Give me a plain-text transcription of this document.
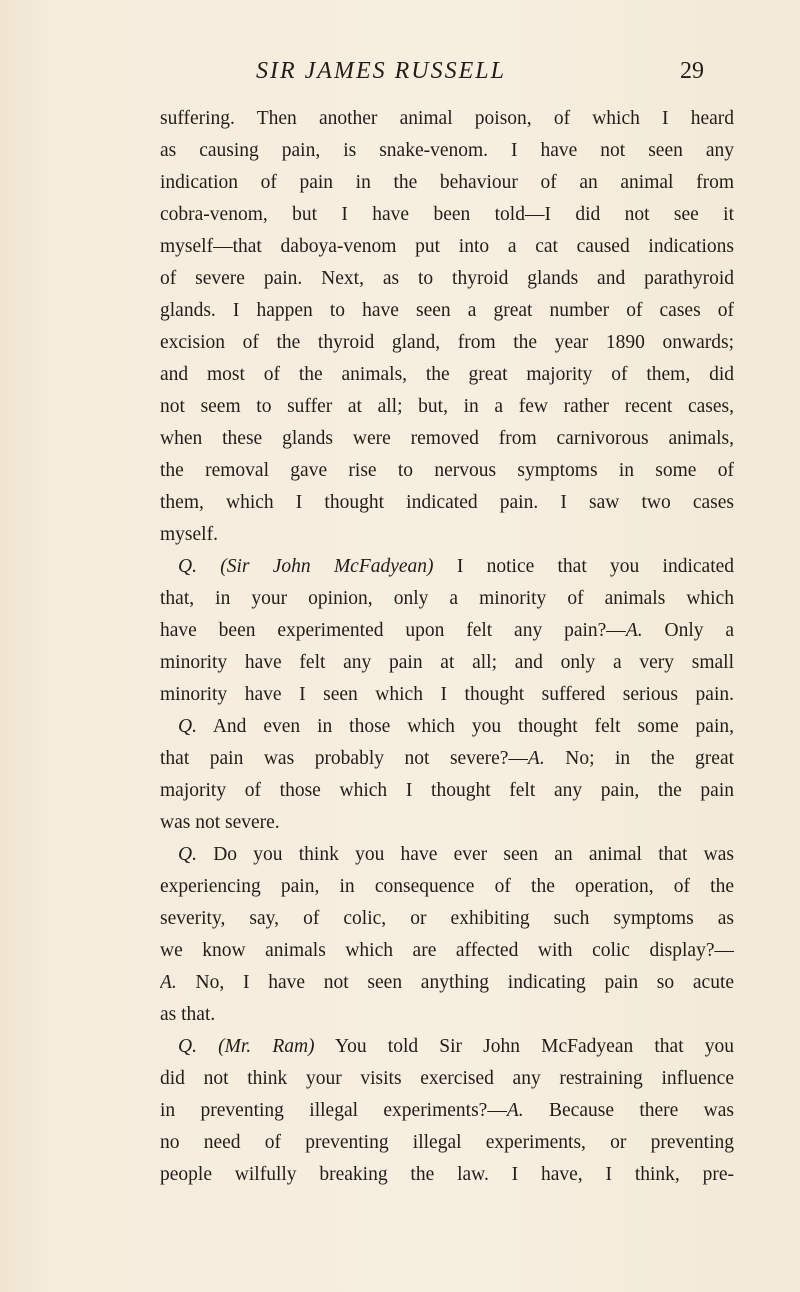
SIR JAMES RUSSELL	29
suffering. Then another animal poison, of which I heard
as causing pain, is snake-venom. I have not seen any
indication of pain in the behaviour of an animal from
cobra-venom, but I have been told—I did not see it
myself—that daboya-venom put into a cat caused indications
of severe pain. Next, as to thyroid glands and parathyroid
glands. I happen to have seen a great number of cases of
excision of the thyroid gland, from the year 1890 onwards;
and most of the animals, the great majority of them, did
not seem to suffer at all; but, in a few rather recent cases,
when these glands were removed from carnivorous animals,
the removal gave rise to nervous symptoms in some of
them, which I thought indicated pain. I saw two cases
myself.
Q. (Sir John McFadyean) I notice that you indicated
that, in your opinion, only a minority of animals which
have been experimented upon felt any pain?—A. Only a
minority have felt any pain at all; and only a very small
minority have I seen which I thought suffered serious pain.
Q. And even in those which you thought felt some pain,
that pain was probably not severe?—A. No; in the great
majority of those which I thought felt any pain, the pain
was not severe.
Q. Do you think you have ever seen an animal that was
experiencing pain, in consequence of the operation, of the
severity, say, of colic, or exhibiting such symptoms as
we know animals which are affected with colic display?—
A. No, I have not seen anything indicating pain so acute
as that.
Q. (Mr. Ram) You told Sir John McFadyean that you
did not think your visits exercised any restraining influence
in preventing illegal experiments?—A. Because there was
no need of preventing illegal experiments, or preventing
people wilfully breaking the law. I have, I think, pre-
